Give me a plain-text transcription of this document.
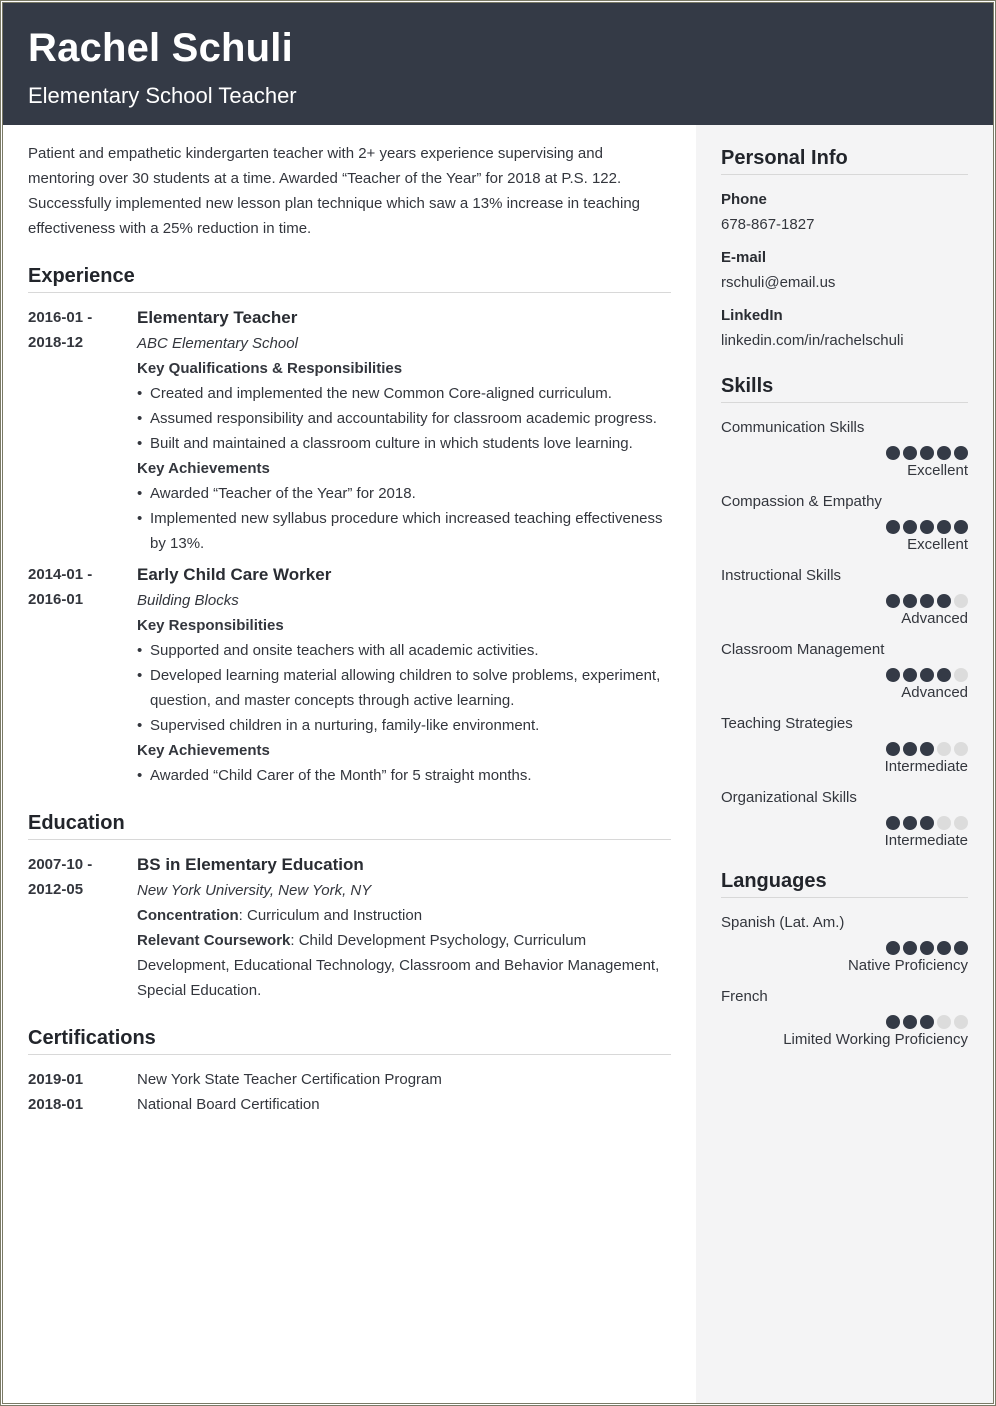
Rachel Schuli
Elementary School Teacher

Patient and empathetic kindergarten teacher with 2+ years experience supervising and mentoring over 30 students at a time. Awarded “Teacher of the Year” for 2018 at P.S. 122. Successfully implemented new lesson plan technique which saw a 13% increase in teaching effectiveness with a 25% reduction in time.

Experience
2016-01 -
2018-12
Elementary Teacher
ABC Elementary School
Key Qualifications & Responsibilities
• Created and implemented the new Common Core-aligned curriculum.
• Assumed responsibility and accountability for classroom academic progress.
• Built and maintained a classroom culture in which students love learning.
Key Achievements
• Awarded “Teacher of the Year” for 2018.
• Implemented new syllabus procedure which increased teaching effectiveness by 13%.
2014-01 -
2016-01
Early Child Care Worker
Building Blocks
Key Responsibilities
• Supported and onsite teachers with all academic activities.
• Developed learning material allowing children to solve problems, experiment, question, and master concepts through active learning.
• Supervised children in a nurturing, family-like environment.
Key Achievements
• Awarded “Child Carer of the Month” for 5 straight months.
Education
2007-10 -
2012-05
BS in Elementary Education
New York University, New York, NY
Concentration: Curriculum and Instruction
Relevant Coursework: Child Development Psychology, Curriculum Development, Educational Technology, Classroom and Behavior Management, Special Education.
Certifications
2019-01	New York State Teacher Certification Program
2018-01	National Board Certification
Personal Info
Phone
678-867-1827
E-mail
rschuli@email.us
LinkedIn
linkedin.com/in/rachelschuli
Skills
Communication Skills
Excellent
Compassion & Empathy
Excellent
Instructional Skills
Advanced
Classroom Management
Advanced
Teaching Strategies
Intermediate
Organizational Skills
Intermediate
Languages
Spanish (Lat. Am.)
Native Proficiency
French
Limited Working Proficiency
